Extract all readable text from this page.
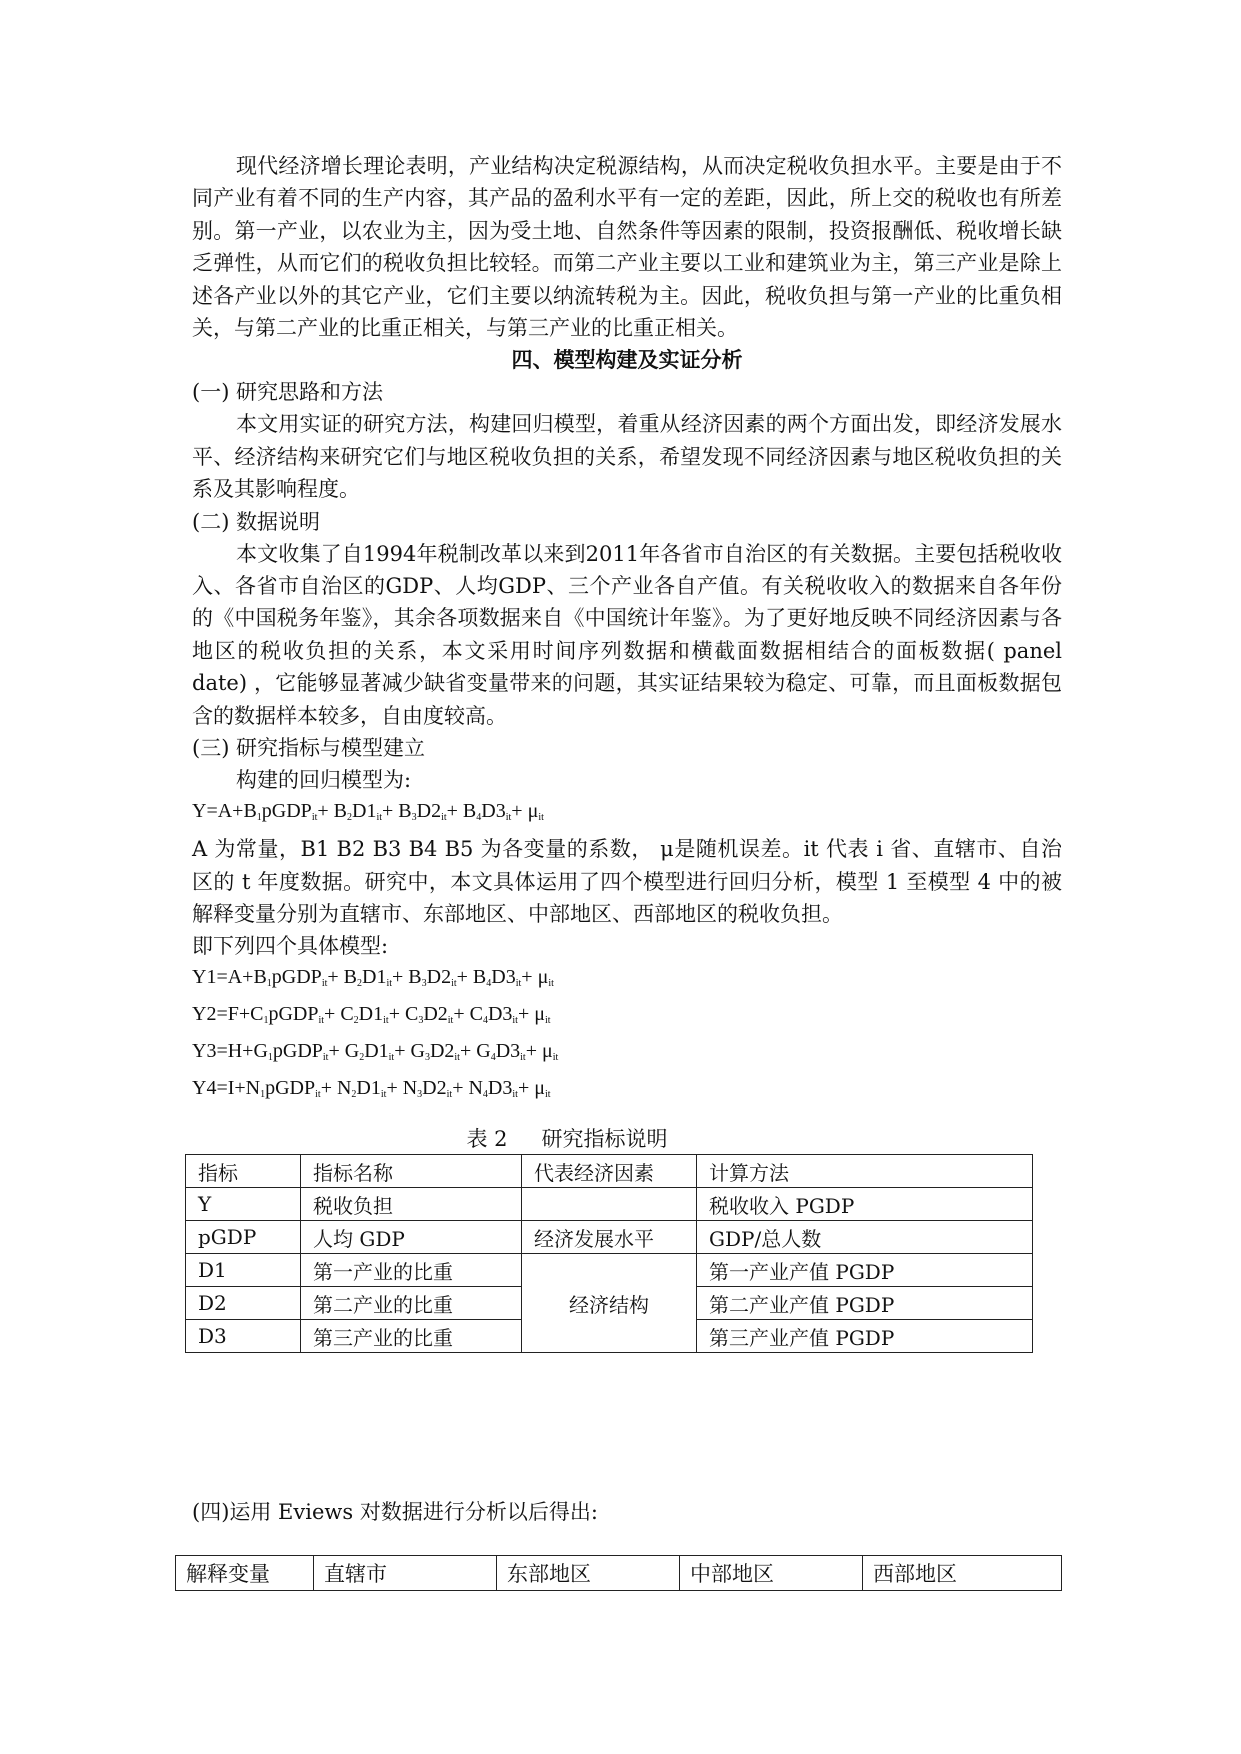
现代经济增长理论表明，产业结构决定税源结构，从而决定税收负担水平。主要是由于不同产业有着不同的生产内容，其产品的盈利水平有一定的差距，因此，所上交的税收也有所差别。第一产业，以农业为主，因为受土地、自然条件等因素的限制，投资报酬低、税收增长缺乏弹性，从而它们的税收负担比较轻。而第二产业主要以工业和建筑业为主，第三产业是除上述各产业以外的其它产业，它们主要以纳流转税为主。因此，税收负担与第一产业的比重负相关，与第二产业的比重正相关，与第三产业的比重正相关。

四、模型构建及实证分析

(一) 研究思路和方法

本文用实证的研究方法，构建回归模型，着重从经济因素的两个方面出发，即经济发展水平、经济结构来研究它们与地区税收负担的关系，希望发现不同经济因素与地区税收负担的关系及其影响程度。

(二) 数据说明

本文收集了自1994年税制改革以来到2011年各省市自治区的有关数据。主要包括税收收入、各省市自治区的GDP、人均GDP、三个产业各自产值。有关税收收入的数据来自各年份的《中国税务年鉴》，其余各项数据来自《中国统计年鉴》。为了更好地反映不同经济因素与各地区的税收负担的关系，本文采用时间序列数据和横截面数据相结合的面板数据( panel date) ，它能够显著减少缺省变量带来的问题，其实证结果较为稳定、可靠，而且面板数据包含的数据样本较多，自由度较高。

(三) 研究指标与模型建立

构建的回归模型为:

$Y=A+B_1pGDP_{it}+ B_2D1_{it}+ B_3D2_{it}+ B_4D3_{it}+ \mu_{it}$

A 为常量，B1 B2 B3 B4 B5 为各变量的系数， μ是随机误差。it 代表 i 省、直辖市、自治区的 t 年度数据。研究中，本文具体运用了四个模型进行回归分析，模型 1 至模型 4 中的被解释变量分别为直辖市、东部地区、中部地区、西部地区的税收负担。

即下列四个具体模型:

$Y1=A+B_1pGDP_{it}+ B_2D1_{it}+ B_3D2_{it}+ B_4D3_{it}+ \mu_{it}$

$Y2=F+C_1pGDP_{it}+ C_2D1_{it}+ C_3D2_{it}+ C_4D3_{it}+ \mu_{it}$

$Y3=H+G_1pGDP_{it}+ G_2D1_{it}+ G_3D2_{it}+ G_4D3_{it}+ \mu_{it}$

$Y4=I+N_1pGDP_{it}+ N_2D1_{it}+ N_3D2_{it}+ N_4D3_{it}+ \mu_{it}$

表 2 研究指标说明

指标	指标名称	代表经济因素	计算方法
Y	税收负担		税收收入 PGDP
pGDP	人均 GDP	经济发展水平	GDP/总人数
D1	第一产业的比重	经济结构	第一产业产值 PGDP
D2	第二产业的比重		第二产业产值 PGDP
D3	第三产业的比重		第三产业产值 PGDP

(四)运用 Eviews 对数据进行分析以后得出:

解释变量	直辖市	东部地区	中部地区	西部地区
